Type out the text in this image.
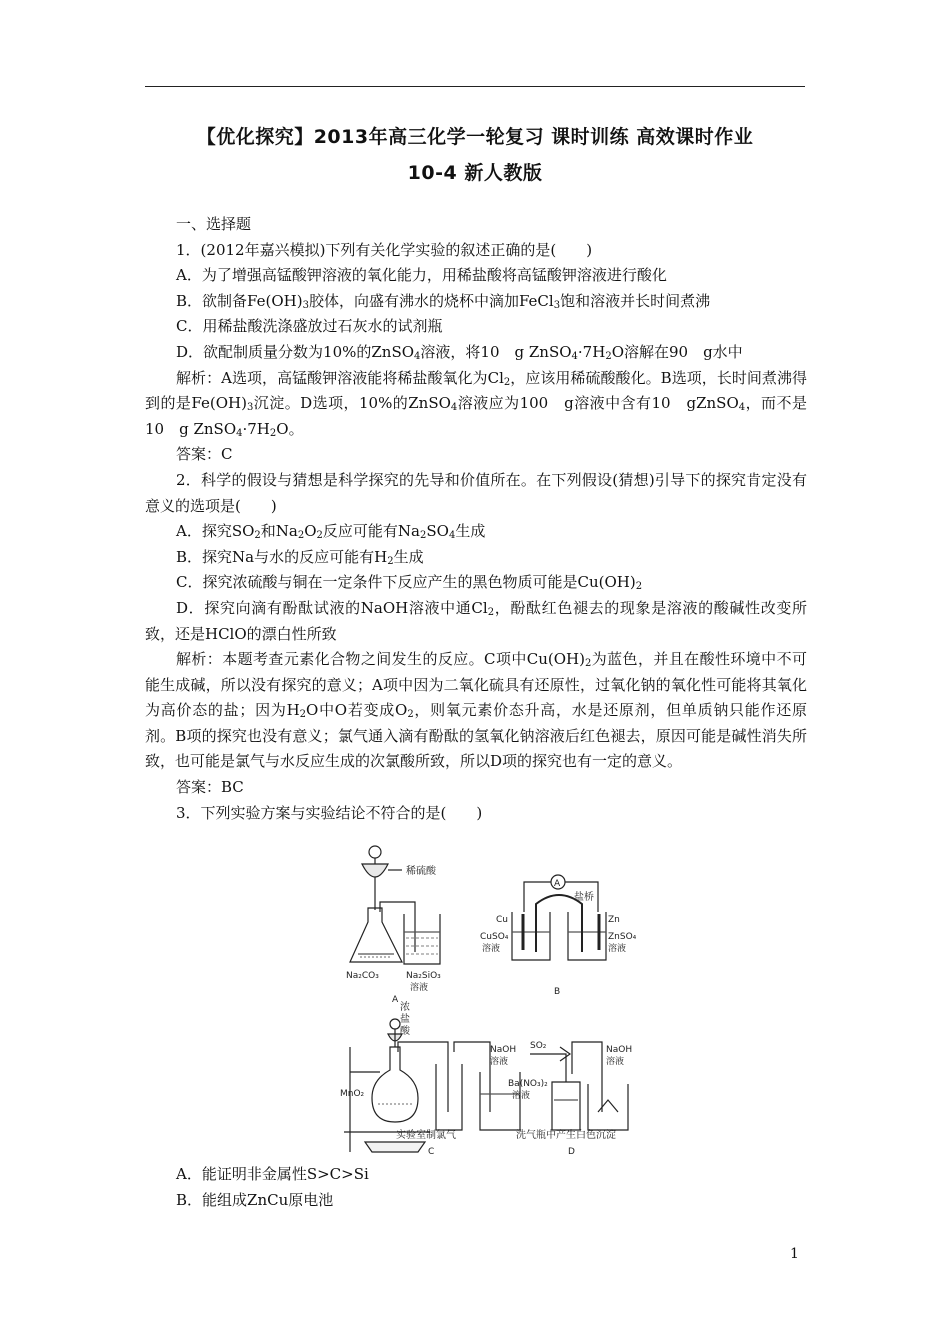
【优化探究】2013年高三化学一轮复习 课时训练 高效课时作业
10-4 新人教版

一、选择题

1．(2012年嘉兴模拟)下列有关化学实验的叙述正确的是(　　)

A．为了增强高锰酸钾溶液的氧化能力，用稀盐酸将高锰酸钾溶液进行酸化

B．欲制备$Fe(OH)_3$胶体，向盛有沸水的烧杯中滴加FeCl$_3$饱和溶液并长时间煮沸

C．用稀盐酸洗涤盛放过石灰水的试剂瓶

D．欲配制质量分数为10%的ZnSO$_4$溶液，将10　g $ZnSO_4\cdot 7H_2O$溶解在90　g水中

解析：A选项，高锰酸钾溶液能将稀盐酸氧化为$Cl_2$，应该用稀硫酸酸化。B选项，长时间煮沸得到的是$Fe(OH)_3$沉淀。D选项，10%的ZnSO$_4$溶液应为100　g溶液中含有10　gZnSO$_4$，而不是10　g $ZnSO_4\cdot 7H_2O$。

答案：C

2．科学的假设与猜想是科学探究的先导和价值所在。在下列假设(猜想)引导下的探究肯定没有意义的选项是(　　)

A．探究$SO_2$和$Na_2O_2$反应可能有$Na_2SO_4$生成

B．探究Na与水的反应可能有$H_2$生成

C．探究浓硫酸与铜在一定条件下反应产生的黑色物质可能是$Cu(OH)_2$

D．探究向滴有酚酞试液的NaOH溶液中通$Cl_2$，酚酞红色褪去的现象是溶液的酸碱性改变所致，还是HClO的漂白性所致

解析：本题考查元素化合物之间发生的反应。C项中$Cu(OH)_2$为蓝色，并且在酸性环境中不可能生成碱，所以没有探究的意义；A项中因为二氧化硫具有还原性，过氧化钠的氧化性可能将其氧化为高价态的盐；因为$H_2O$中O若变成$O_2$，则氧元素价态升高，水是还原剂，但单质钠只能作还原剂。B项的探究也没有意义；氯气通入滴有酚酞的氢氧化钠溶液后红色褪去，原因可能是碱性消失所致，也可能是氯气与水反应生成的次氯酸所致，所以D项的探究也有一定的意义。

答案：BC

3．下列实验方案与实验结论不符合的是(　　)

稀硫酸
Na₂CO₃	Na₂SiO₃
溶液
A
A
盐桥
Cu	Zn
CuSO₄
溶液
ZnSO₄
溶液
B
浓
盐
酸
MnO₂
NaOH
溶液
实验室制氯气
C
SO₂
Ba(NO₃)₂
溶液
NaOH
溶液
洗气瓶中产生白色沉淀
D

A．能证明非金属性S>C>Si

B．能组成ZnCu原电池

1
